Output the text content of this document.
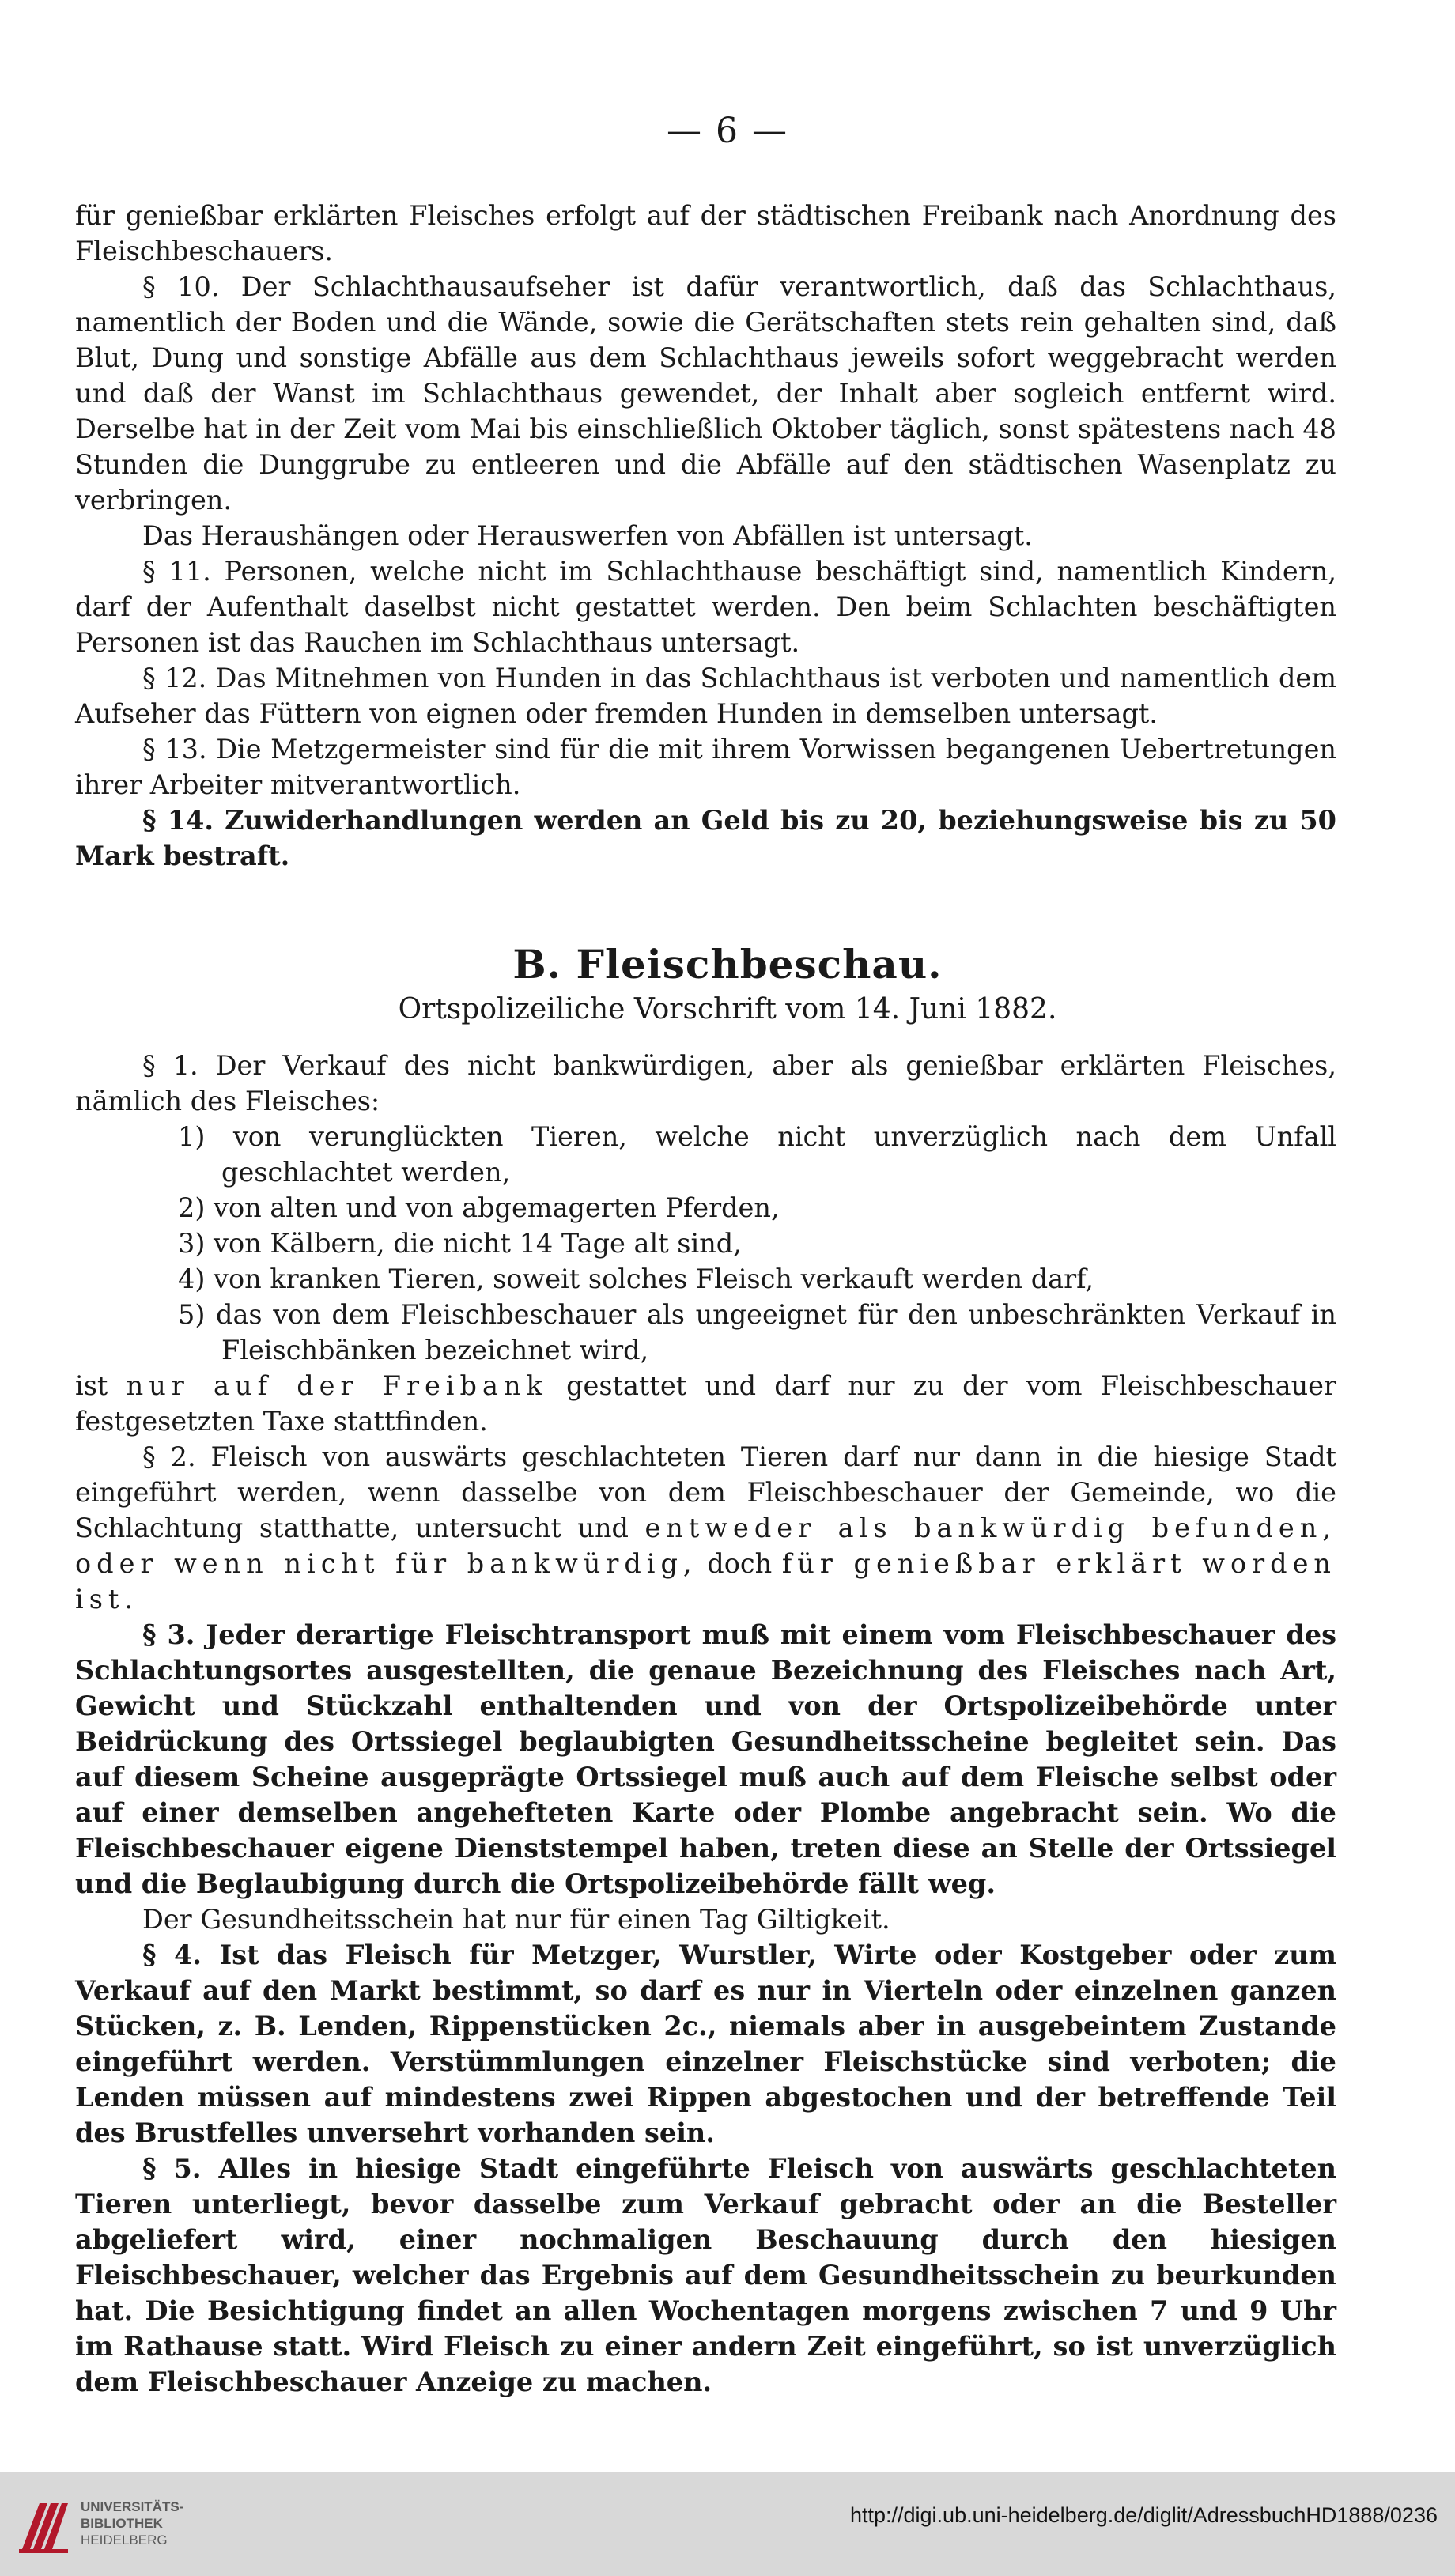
— 6 —

für genießbar erklärten Fleisches erfolgt auf der städtischen Freibank nach Anordnung des Fleischbeschauers.

§ 10. Der Schlachthausaufseher ist dafür verantwortlich, daß das Schlachthaus, namentlich der Boden und die Wände, sowie die Gerätschaften stets rein gehalten sind, daß Blut, Dung und sonstige Abfälle aus dem Schlachthaus jeweils sofort weggebracht werden und daß der Wanst im Schlachthaus gewendet, der Inhalt aber sogleich entfernt wird. Derselbe hat in der Zeit vom Mai bis einschließlich Oktober täglich, sonst spätestens nach 48 Stunden die Dunggrube zu entleeren und die Abfälle auf den städtischen Wasenplatz zu verbringen.

Das Heraushängen oder Herauswerfen von Abfällen ist untersagt.

§ 11. Personen, welche nicht im Schlachthause beschäftigt sind, namentlich Kindern, darf der Aufenthalt daselbst nicht gestattet werden. Den beim Schlachten beschäftigten Personen ist das Rauchen im Schlachthaus untersagt.

§ 12. Das Mitnehmen von Hunden in das Schlachthaus ist verboten und namentlich dem Aufseher das Füttern von eignen oder fremden Hunden in demselben untersagt.

§ 13. Die Metzgermeister sind für die mit ihrem Vorwissen begangenen Uebertretungen ihrer Arbeiter mitverantwortlich.

§ 14. Zuwiderhandlungen werden an Geld bis zu 20, beziehungsweise bis zu 50 Mark bestraft.

B. Fleischbeschau.
Ortspolizeiliche Vorschrift vom 14. Juni 1882.

§ 1. Der Verkauf des nicht bankwürdigen, aber als genießbar erklärten Fleisches, nämlich des Fleisches:

1) von verunglückten Tieren, welche nicht unverzüglich nach dem Unfall geschlachtet werden,
2) von alten und von abgemagerten Pferden,
3) von Kälbern, die nicht 14 Tage alt sind,
4) von kranken Tieren, soweit solches Fleisch verkauft werden darf,
5) das von dem Fleischbeschauer als ungeeignet für den unbeschränkten Verkauf in Fleischbänken bezeichnet wird,

ist nur auf der Freibank gestattet und darf nur zu der vom Fleischbeschauer festgesetzten Taxe stattfinden.

§ 2. Fleisch von auswärts geschlachteten Tieren darf nur dann in die hiesige Stadt eingeführt werden, wenn dasselbe von dem Fleischbeschauer der Gemeinde, wo die Schlachtung statthatte, untersucht und entweder als bankwürdig befunden, oder wenn nicht für bankwürdig, doch für genießbar erklärt worden ist.

§ 3. Jeder derartige Fleischtransport muß mit einem vom Fleischbeschauer des Schlachtungsortes ausgestellten, die genaue Bezeichnung des Fleisches nach Art, Gewicht und Stückzahl enthaltenden und von der Ortspolizeibehörde unter Beidrückung des Ortssiegel beglaubigten Gesundheitsscheine begleitet sein. Das auf diesem Scheine ausgeprägte Ortssiegel muß auch auf dem Fleische selbst oder auf einer demselben angehefteten Karte oder Plombe angebracht sein. Wo die Fleischbeschauer eigene Dienststempel haben, treten diese an Stelle der Ortssiegel und die Beglaubigung durch die Ortspolizeibehörde fällt weg.

Der Gesundheitsschein hat nur für einen Tag Giltigkeit.

§ 4. Ist das Fleisch für Metzger, Wurstler, Wirte oder Kostgeber oder zum Verkauf auf den Markt bestimmt, so darf es nur in Vierteln oder einzelnen ganzen Stücken, z. B. Lenden, Rippenstücken 2c., niemals aber in ausgebeintem Zustande eingeführt werden. Verstümmlungen einzelner Fleischstücke sind verboten; die Lenden müssen auf mindestens zwei Rippen abgestochen und der betreffende Teil des Brustfelles unversehrt vorhanden sein.

§ 5. Alles in hiesige Stadt eingeführte Fleisch von auswärts geschlachteten Tieren unterliegt, bevor dasselbe zum Verkauf gebracht oder an die Besteller abgeliefert wird, einer nochmaligen Beschauung durch den hiesigen Fleischbeschauer, welcher das Ergebnis auf dem Gesundheitsschein zu beurkunden hat. Die Besichtigung findet an allen Wochentagen morgens zwischen 7 und 9 Uhr im Rathause statt. Wird Fleisch zu einer andern Zeit eingeführt, so ist unverzüglich dem Fleischbeschauer Anzeige zu machen.

UNIVERSITÄTS-
BIBLIOTHEK
HEIDELBERG
http://digi.ub.uni-heidelberg.de/diglit/AdressbuchHD1888/0236
